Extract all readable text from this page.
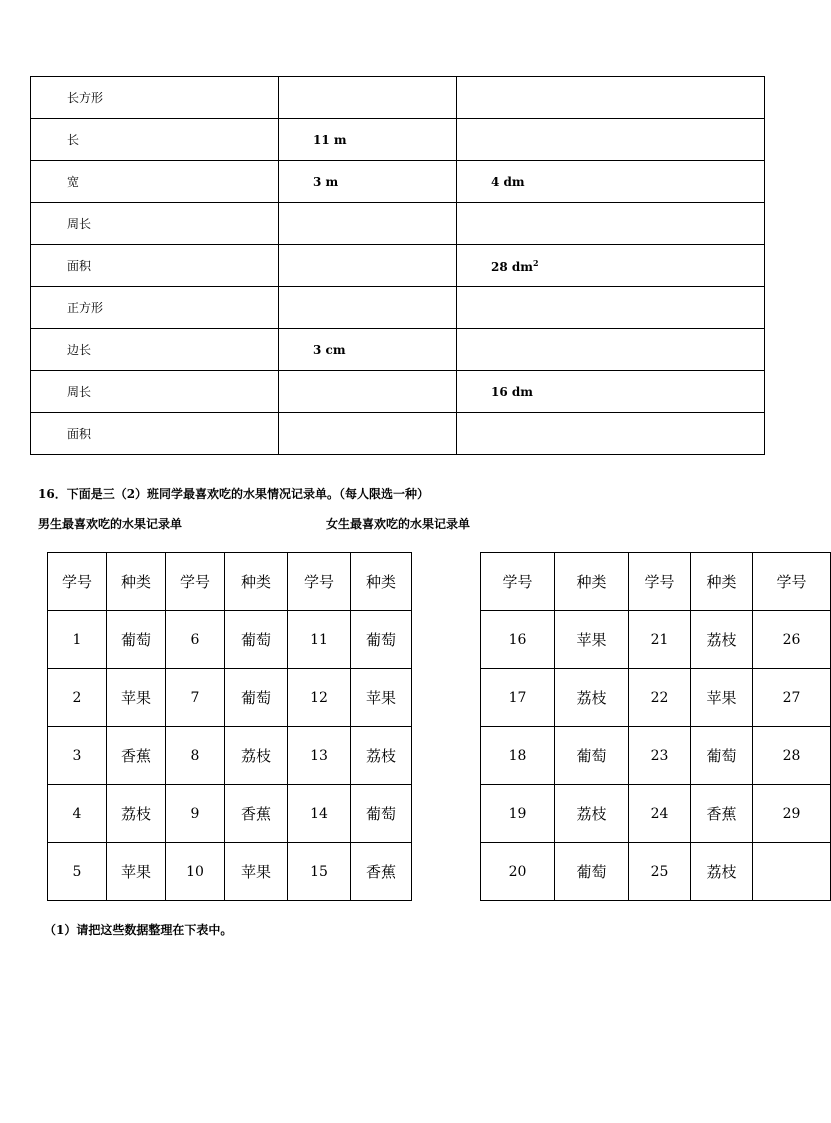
长方形		
长	11 m	
宽	3 m	4 dm
周长		
面积		28 $dm^2$
正方形		
边长	3 cm	
周长		16 dm
面积		
16．下面是三（2）班同学最喜欢吃的水果情况记录单。（每人限选一种）
男生最喜欢吃的水果记录单	女生最喜欢吃的水果记录单
学号	种类	学号	种类	学号	种类
1	葡萄	6	葡萄	11	葡萄
2	苹果	7	葡萄	12	苹果
3	香蕉	8	荔枝	13	荔枝
4	荔枝	9	香蕉	14	葡萄
5	苹果	10	苹果	15	香蕉
学号	种类	学号	种类	学号
16	苹果	21	荔枝	26
17	荔枝	22	苹果	27
18	葡萄	23	葡萄	28
19	荔枝	24	香蕉	29
20	葡萄	25	荔枝	
（1）请把这些数据整理在下表中。
